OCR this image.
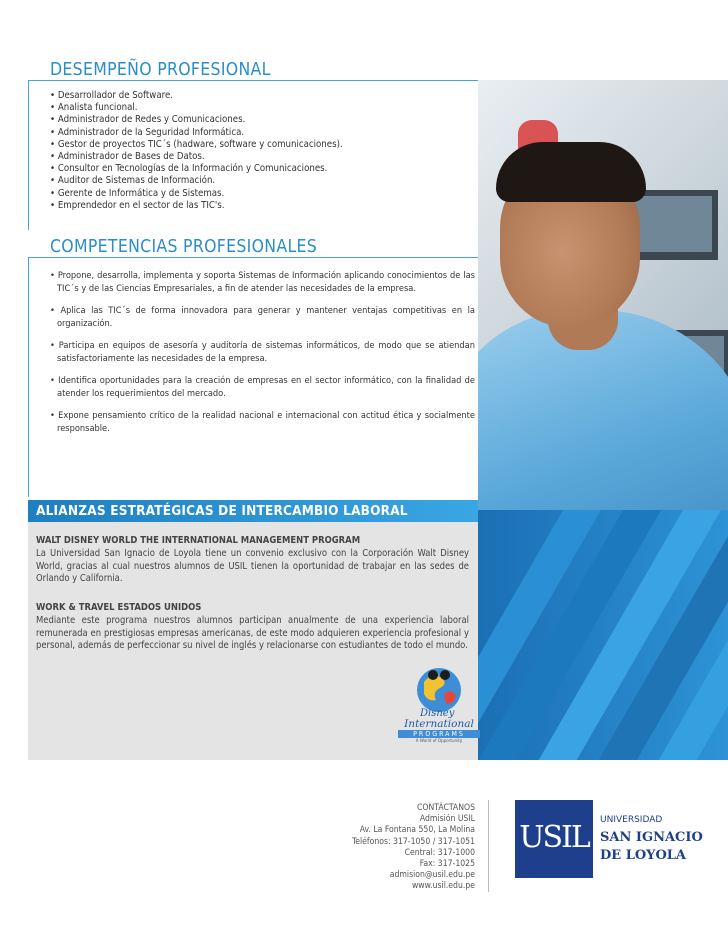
DESEMPEÑO PROFESIONAL
• Desarrollador de Software.
• Analista funcional.
• Administrador de Redes y Comunicaciones.
• Administrador de la Seguridad Informática.
• Gestor de proyectos TIC´s (hadware, software y comunicaciones).
• Administrador de Bases de Datos.
• Consultor en Tecnologías de la Información y Comunicaciones.
• Auditor de Sistemas de Información.
• Gerente de Informática y de Sistemas.
• Emprendedor en el sector de las TIC's.
COMPETENCIAS PROFESIONALES
• Propone, desarrolla, implementa y soporta Sistemas de Información aplicando conocimientos de las TIC´s y de las Ciencias Empresariales, a fin de atender las necesidades de la empresa.
• Aplica las TIC´s de forma innovadora para generar y mantener ventajas competitivas en la organización.
• Participa en equipos de asesoría y auditoría de sistemas informáticos, de modo que se atiendan satisfactoriamente las necesidades de la empresa.
• Identifica oportunidades para la creación de empresas en el sector informático, con la finalidad de atender los requerimientos del mercado.
• Expone pensamiento crítico de la realidad nacional e internacional con actitud ética y socialmente responsable.
ALIANZAS ESTRATÉGICAS DE INTERCAMBIO LABORAL
WALT DISNEY WORLD THE INTERNATIONAL MANAGEMENT PROGRAM
La Universidad San Ignacio de Loyola tiene un convenio exclusivo con la Corporación Walt Disney World, gracias al cual nuestros alumnos de USIL tienen la oportunidad de trabajar en las sedes de Orlando y California.
WORK & TRAVEL ESTADOS UNIDOS
Mediante este programa nuestros alumnos participan anualmente de una experiencia laboral remunerada en prestigiosas empresas americanas, de este modo adquieren experiencia profesional y personal, además de perfeccionar su nivel de inglés y relacionarse con estudiantes de todo el mundo.
Disney
International
PROGRAMS
A World of Opportunity
CONTÁCTANOS
Admisión USIL
Av. La Fontana 550, La Molina
Teléfonos: 317-1050 / 317-1051
Central: 317-1000
Fax: 317-1025
admision@usil.edu.pe
www.usil.edu.pe
USIL	UNIVERSIDAD
SAN IGNACIO
DE LOYOLA
